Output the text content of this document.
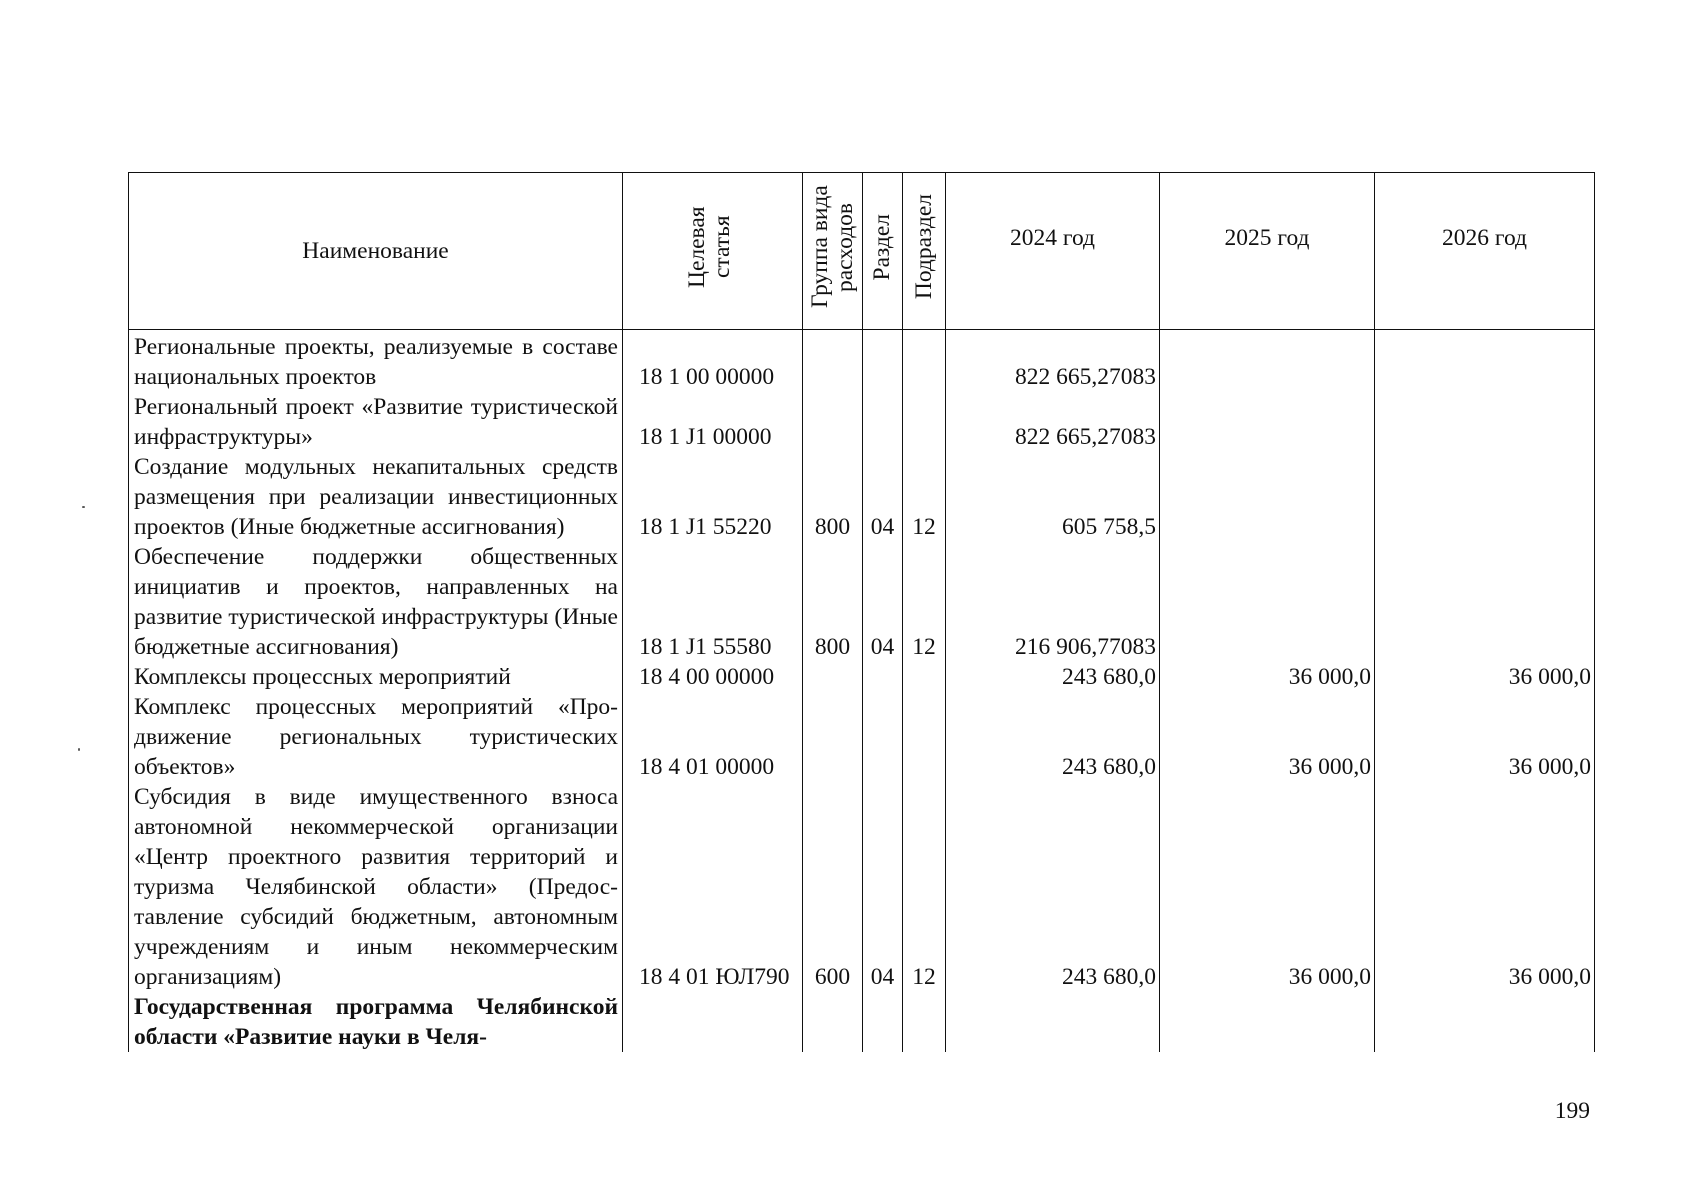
Наименование	Целевая статья	Группа вида расходов	Раздел	Подраздел	2024 год	2025 год	2026 год

Региональные проекты, реализуемые в составе национальных проектов	18 1 00 00000				822 665,27083		
Региональный проект «Развитие туристической инфраструктуры»	18 1 J1 00000				822 665,27083		
Создание модульных некапитальных средств размещения при реализации инвестиционных проектов (Иные бюджетные ассигнования)	18 1 J1 55220	800	04	12	605 758,5		
Обеспечение поддержки общественных инициатив и проектов, направленных на развитие туристической инфраструктуры (Иные бюджетные ассигнования)	18 1 J1 55580	800	04	12	216 906,77083		
Комплексы процессных мероприятий	18 4 00 00000				243 680,0	36 000,0	36 000,0
Комплекс процессных мероприятий «Продвижение региональных туристических объектов»	18 4 01 00000				243 680,0	36 000,0	36 000,0
Субсидия в виде имущественного взноса автономной некоммерческой организации «Центр проектного развития территорий и туризма Челябинской области» (Предоставление субсидий бюджетным, автономным учреждениям и иным некоммерческим организациям)	18 4 01 ЮЛ790	600	04	12	243 680,0	36 000,0	36 000,0
Государственная программа Челябинской области «Развитие науки в Челя-							
199
